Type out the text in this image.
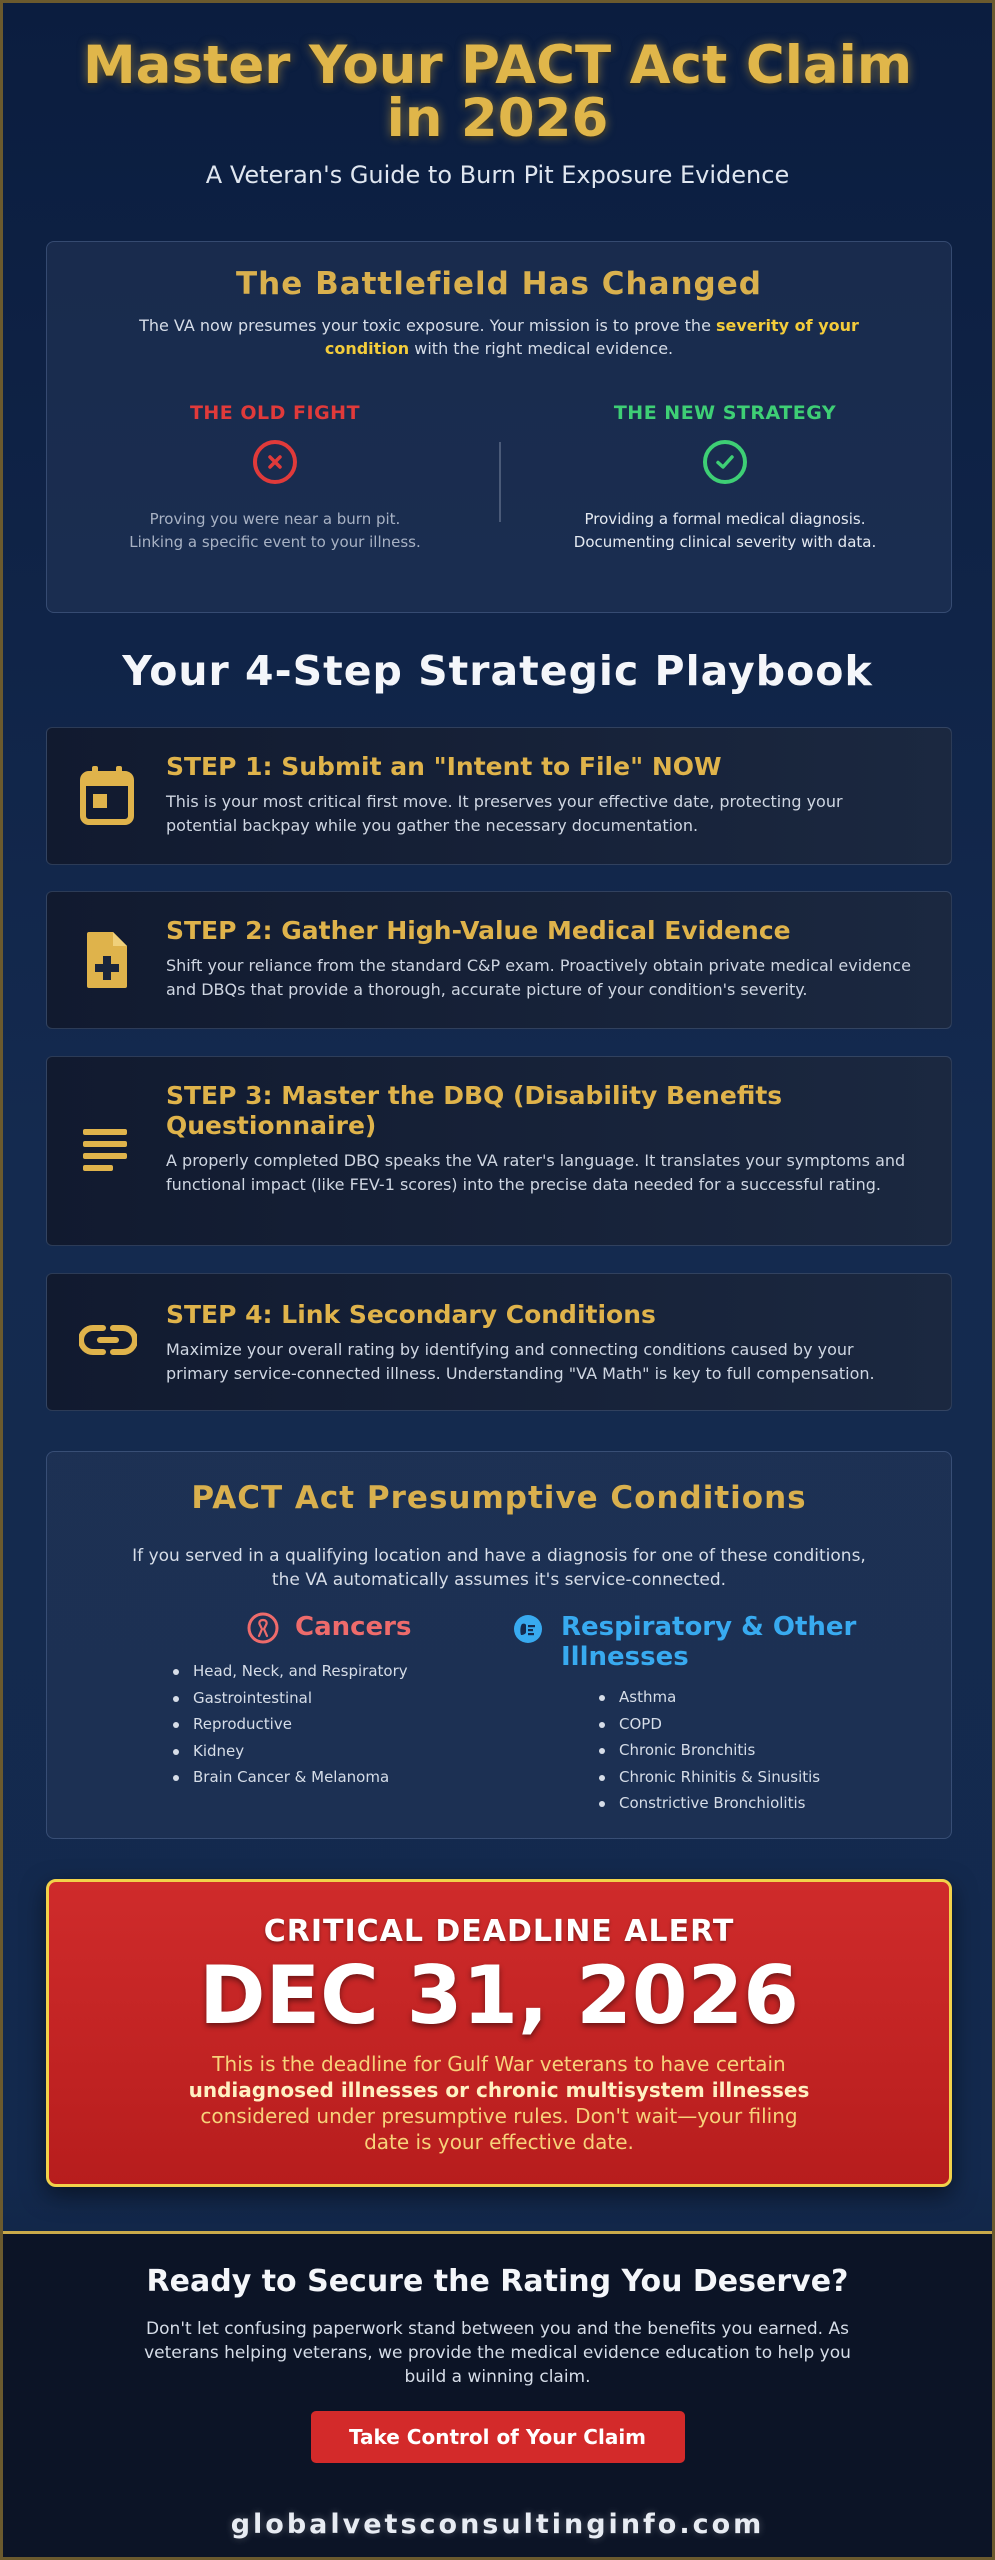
Master Your PACT Act Claim in 2026
A Veteran's Guide to Burn Pit Exposure Evidence
The Battlefield Has Changed

The VA now presumes your toxic exposure. Your mission is to prove the severity of your condition with the right medical evidence.

THE OLD FIGHT
Proving you were near a burn pit.
Linking a specific event to your illness.
THE NEW STRATEGY
Providing a formal medical diagnosis.
Documenting clinical severity with data.
Your 4-Step Strategic Playbook
STEP 1: Submit an "Intent to File" NOW
This is your most critical first move. It preserves your effective date, protecting your potential backpay while you gather the necessary documentation.
STEP 2: Gather High-Value Medical Evidence
Shift your reliance from the standard C&P exam. Proactively obtain private medical evidence and DBQs that provide a thorough, accurate picture of your condition's severity.
STEP 3: Master the DBQ (Disability Benefits Questionnaire)
A properly completed DBQ speaks the VA rater's language. It translates your symptoms and functional impact (like FEV-1 scores) into the precise data needed for a successful rating.
STEP 4: Link Secondary Conditions
Maximize your overall rating by identifying and connecting conditions caused by your primary service-connected illness. Understanding "VA Math" is key to full compensation.
PACT Act Presumptive Conditions

If you served in a qualifying location and have a diagnosis for one of these conditions, the VA automatically assumes it's service-connected.

Cancers
Head, Neck, and Respiratory
Gastrointestinal
Reproductive
Kidney
Brain Cancer & Melanoma
Respiratory & Other Illnesses
Asthma
COPD
Chronic Bronchitis
Chronic Rhinitis & Sinusitis
Constrictive Bronchiolitis
CRITICAL DEADLINE ALERT
DEC 31, 2026

This is the deadline for Gulf War veterans to have certain undiagnosed illnesses or chronic multisystem illnesses considered under presumptive rules. Don't wait—your filing date is your effective date.

Ready to Secure the Rating You Deserve?

Don't let confusing paperwork stand between you and the benefits you earned. As veterans helping veterans, we provide the medical evidence education to help you build a winning claim.

Take Control of Your Claim
globalvetsconsultinginfo.com
